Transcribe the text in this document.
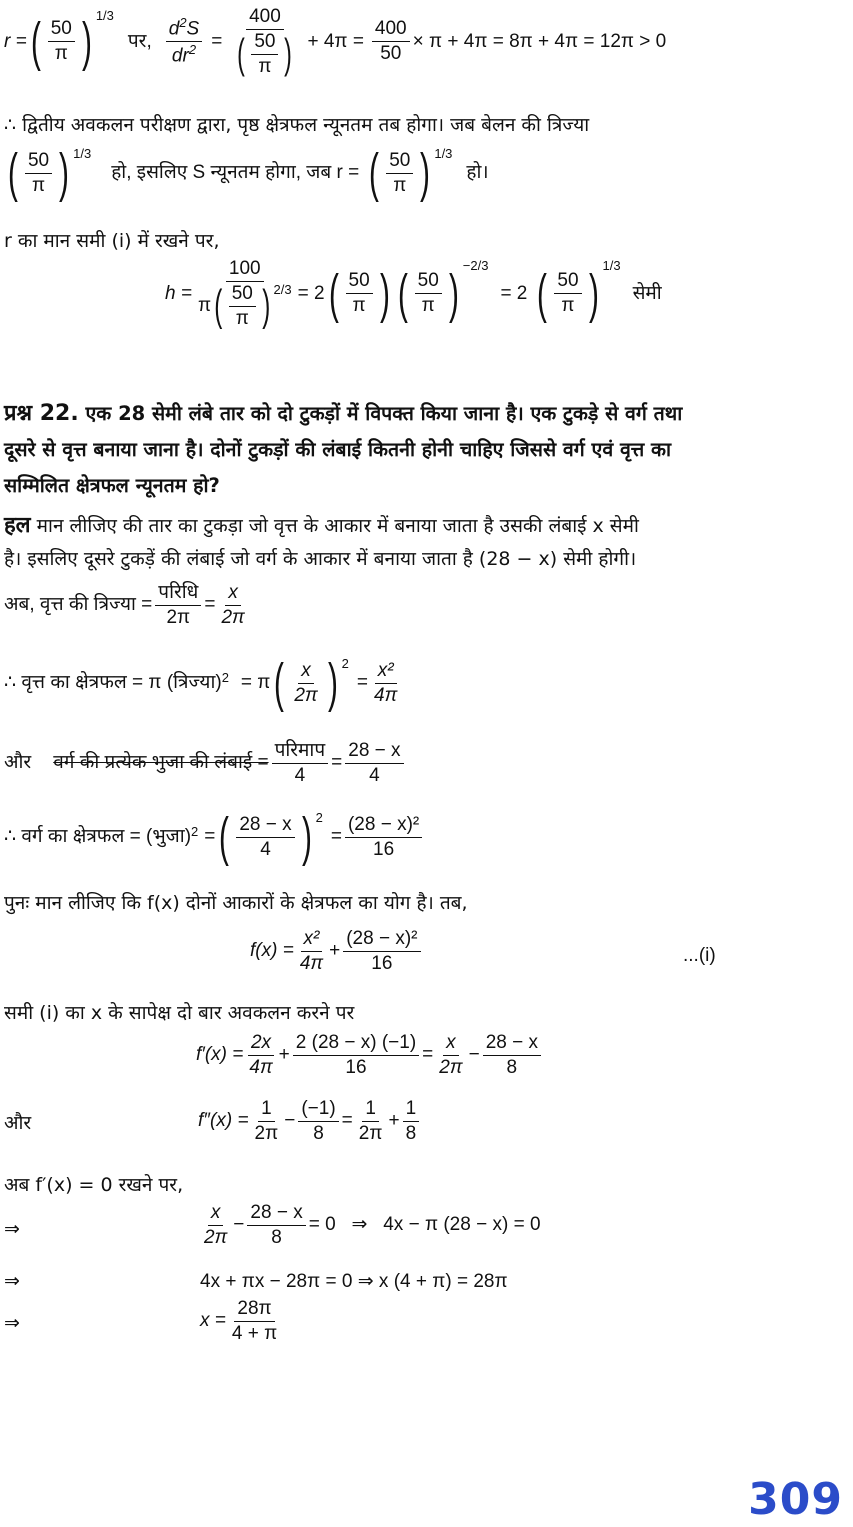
r = ( $\frac{50}{\pi}$ ) 1/3
पर, $\frac{d^2S}{dr^2} = \frac{400}{( \frac{50}{\pi} )} + 4\pi = \frac{400}{50} \times \pi + 4\pi = 8\pi + 4\pi = 12\pi > 0$
∴ द्वितीय अवकलन परीक्षण द्वारा, पृष्ठ क्षेत्रफल न्यूनतम तब होगा। जब बेलन की त्रिज्या
( $\frac{50}{\pi}$ ) 1/3
हो, इसलिए S न्यूनतम होगा, जब r = ( $\frac{50}{\pi}$ ) 1/3
हो।
r का मान समी (i) में रखने पर,
$h = \frac{100}{\pi ( \frac{50}{\pi} ) 2/3} = 2$ ( $\frac{50}{\pi}$ ) ( $\frac{50}{\pi}$ ) −2/3
= 2 ( $\frac{50}{\pi}$ ) 1/3
सेमी
प्रश्न 22. एक 28 सेमी लंबे तार को दो टुकड़ों में विपक्त किया जाना है। एक टुकड़े से वर्ग तथा
दूसरे से वृत्त बनाया जाना है। दोनों टुकड़ों की लंबाई कितनी होनी चाहिए जिससे वर्ग एवं वृत्त का
सम्मिलित क्षेत्रफल न्यूनतम हो?
हल मान लीजिए की तार का टुकड़ा जो वृत्त के आकार में बनाया जाता है उसकी लंबाई x सेमी
है। इसलिए दूसरे टुकड़ें की लंबाई जो वर्ग के आकार में बनाया जाता है (28 − x) सेमी होगी।
अब, वृत्त की त्रिज्या = $\frac{\text{परिधि}}{2\pi} = \frac{x}{2\pi}$
∴ वृत्त का क्षेत्रफल = π (त्रिज्या) 2 = π ( $\frac{x}{2\pi}$ ) 2
= $\frac{\text{x²}}{4\pi}$
और वर्ग की प्रत्येक भुजा की लंबाई = $\frac{\text{परिमाप}}{4} = \frac{28 - x}{4}$
∴ वर्ग का क्षेत्रफल = (भुजा) 2 = ( $\frac{28 - x}{4}$ ) 2
= $\frac{\text{(28 − x)²}}{16}$
पुनः मान लीजिए कि f(x) दोनों आकारों के क्षेत्रफल का योग है। तब,
$f(x) = \frac{\text{x²}}{4\pi} + \frac{\text{(28 − x)²}}{16}$	...(i)
समी (i) का x के सापेक्ष दो बार अवकलन करने पर
$f'(x) = \frac{2x}{4\pi} + \frac{2 (28 - x) (-1)}{16} = \frac{x}{2\pi} - \frac{28 - x}{8}$
और	$f''(x) = \frac{1}{2\pi} - \frac{(-1)}{8} = \frac{1}{2\pi} + \frac{1}{8}$
अब f′(x) = 0 रखने पर,
⇒	$\frac{x}{2\pi} - \frac{28 - x}{8} = 0$   ⇒   4x − π (28 − x) = 0
⇒	4x + πx − 28π = 0 ⇒ x (4 + π) = 28π
⇒	$x = \frac{28\pi}{4 + \pi}$
309
